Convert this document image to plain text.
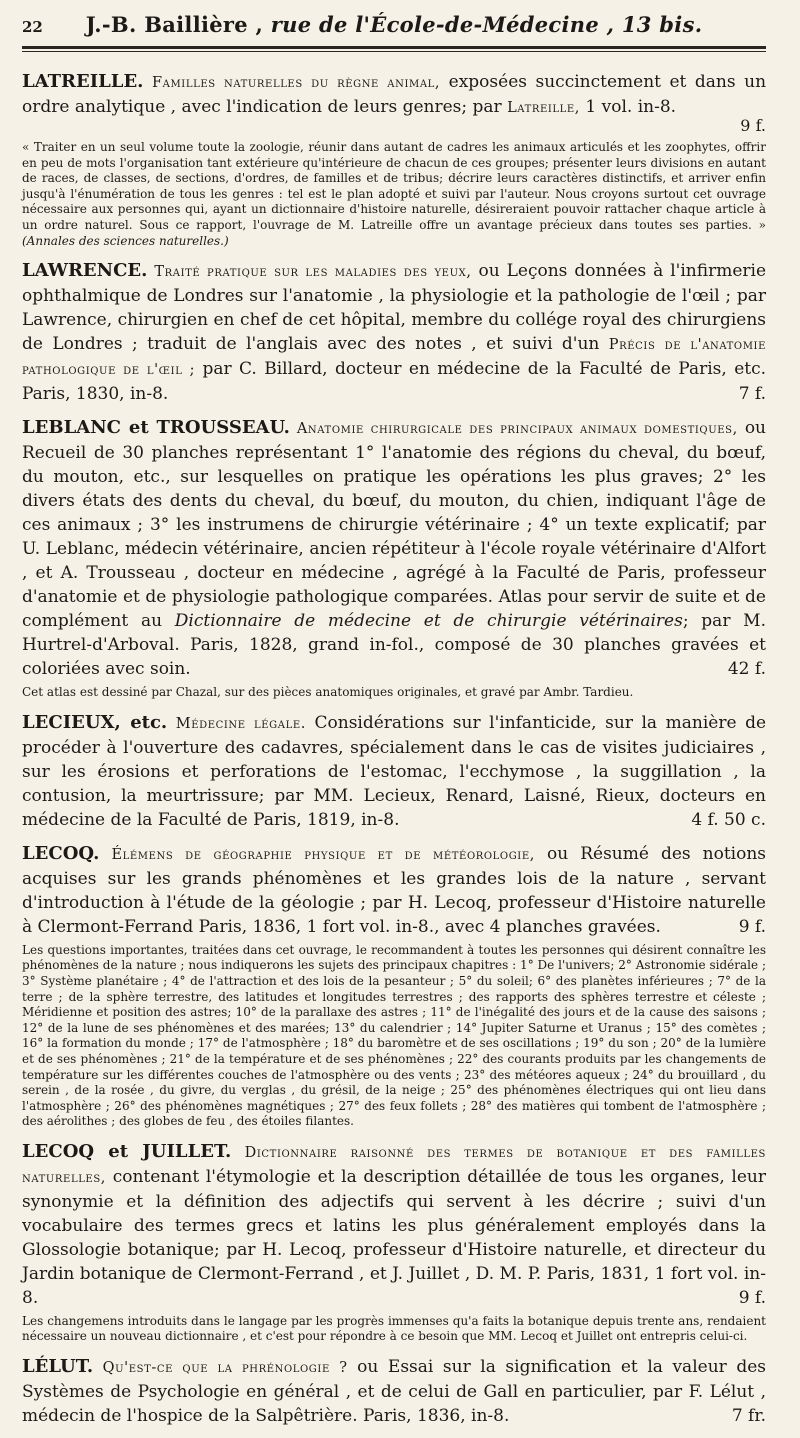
22	J.-B. Baillière , rue de l'École-de-Médecine , 13 bis.
LATREILLE. Familles naturelles du règne animal, exposées succinctement et dans un ordre analytique , avec l'indication de leurs genres; par Latreille, 1 vol. in-8.
9 f.
« Traiter en un seul volume toute la zoologie, réunir dans autant de cadres les animaux articulés et les zoophytes, offrir en peu de mots l'organisation tant extérieure qu'intérieure de chacun de ces groupes; présenter leurs divisions en autant de races, de classes, de sections, d'ordres, de familles et de tribus; décrire leurs caractères distinctifs, et arriver enfin jusqu'à l'énumération de tous les genres : tel est le plan adopté et suivi par l'auteur. Nous croyons surtout cet ouvrage nécessaire aux personnes qui, ayant un dictionnaire d'histoire naturelle, désireraient pouvoir rattacher chaque article à un ordre naturel. Sous ce rapport, l'ouvrage de M. Latreille offre un avantage précieux dans toutes ses parties. » (Annales des sciences naturelles.)
LAWRENCE. Traité pratique sur les maladies des yeux, ou Leçons données à l'infirmerie ophthalmique de Londres sur l'anatomie , la physiologie et la pathologie de l'œil ; par Lawrence, chirurgien en chef de cet hôpital, membre du collége royal des chirurgiens de Londres ; traduit de l'anglais avec des notes , et suivi d'un Précis de l'anatomie pathologique de l'œil ; par C. Billard, docteur en médecine de la Faculté de Paris, etc. Paris, 1830, in-8.	7 f.
LEBLANC et TROUSSEAU. Anatomie chirurgicale des principaux animaux domestiques, ou Recueil de 30 planches représentant 1° l'anatomie des régions du cheval, du bœuf, du mouton, etc., sur lesquelles on pratique les opérations les plus graves; 2° les divers états des dents du cheval, du bœuf, du mouton, du chien, indiquant l'âge de ces animaux ; 3° les instrumens de chirurgie vétérinaire ; 4° un texte explicatif; par U. Leblanc, médecin vétérinaire, ancien répétiteur à l'école royale vétérinaire d'Alfort , et A. Trousseau , docteur en médecine , agrégé à la Faculté de Paris, professeur d'anatomie et de physiologie pathologique comparées. Atlas pour servir de suite et de complément au Dictionnaire de médecine et de chirurgie vétérinaires; par M. Hurtrel-d'Arboval. Paris, 1828, grand in-fol., composé de 30 planches gravées et coloriées avec soin.	42 f.
Cet atlas est dessiné par Chazal, sur des pièces anatomiques originales, et gravé par Ambr. Tardieu.
LECIEUX, etc. Médecine légale. Considérations sur l'infanticide, sur la manière de procéder à l'ouverture des cadavres, spécialement dans le cas de visites judiciaires , sur les érosions et perforations de l'estomac, l'ecchymose , la suggillation , la contusion, la meurtrissure; par MM. Lecieux, Renard, Laisné, Rieux, docteurs en médecine de la Faculté de Paris, 1819, in-8.	4 f. 50 c.
LECOQ. Élémens de géographie physique et de météorologie, ou Résumé des notions acquises sur les grands phénomènes et les grandes lois de la nature , servant d'introduction à l'étude de la géologie ; par H. Lecoq, professeur d'Histoire naturelle à Clermont-Ferrand Paris, 1836, 1 fort vol. in-8., avec 4 planches gravées.	9 f.
Les questions importantes, traitées dans cet ouvrage, le recommandent à toutes les personnes qui désirent connaître les phénomènes de la nature ; nous indiquerons les sujets des principaux chapitres : 1° De l'univers; 2° Astronomie sidérale ; 3° Système planétaire ; 4° de l'attraction et des lois de la pesanteur ; 5° du soleil; 6° des planètes inférieures ; 7° de la terre ; de la sphère terrestre, des latitudes et longitudes terrestres ; des rapports des sphères terrestre et céleste ; Méridienne et position des astres; 10° de la parallaxe des astres ; 11° de l'inégalité des jours et de la cause des saisons ; 12° de la lune de ses phénomènes et des marées; 13° du calendrier ; 14° Jupiter Saturne et Uranus ; 15° des comètes ; 16° la formation du monde ; 17° de l'atmosphère ; 18° du baromètre et de ses oscillations ; 19° du son ; 20° de la lumière et de ses phénomènes ; 21° de la température et de ses phénomènes ; 22° des courants produits par les changements de température sur les différentes couches de l'atmosphère ou des vents ; 23° des météores aqueux ; 24° du brouillard , du serein , de la rosée , du givre, du verglas , du grésil, de la neige ; 25° des phénomènes électriques qui ont lieu dans l'atmosphère ; 26° des phénomènes magnétiques ; 27° des feux follets ; 28° des matières qui tombent de l'atmosphère ; des aérolithes ; des globes de feu , des étoiles filantes.
LECOQ et JUILLET. Dictionnaire raisonné des termes de botanique et des familles naturelles, contenant l'étymologie et la description détaillée de tous les organes, leur synonymie et la définition des adjectifs qui servent à les décrire ; suivi d'un vocabulaire des termes grecs et latins les plus généralement employés dans la Glossologie botanique; par H. Lecoq, professeur d'Histoire naturelle, et directeur du Jardin botanique de Clermont-Ferrand , et J. Juillet , D. M. P. Paris, 1831, 1 fort vol. in-8.	9 f.
Les changemens introduits dans le langage par les progrès immenses qu'a faits la botanique depuis trente ans, rendaient nécessaire un nouveau dictionnaire , et c'est pour répondre à ce besoin que MM. Lecoq et Juillet ont entrepris celui-ci.
LÉLUT. Qu'est-ce que la phrénologie ? ou Essai sur la signification et la valeur des Systèmes de Psychologie en général , et de celui de Gall en particulier, par F. Lélut , médecin de l'hospice de la Salpêtrière. Paris, 1836, in-8.	7 fr.
